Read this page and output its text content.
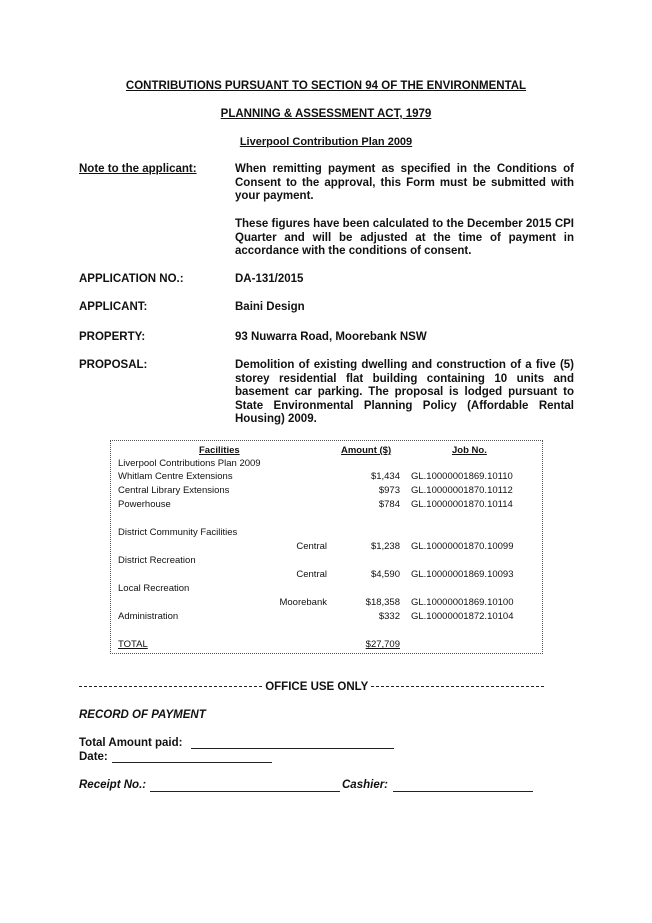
CONTRIBUTIONS PURSUANT TO SECTION 94 OF THE ENVIRONMENTAL
PLANNING & ASSESSMENT ACT, 1979
Liverpool Contribution Plan 2009
Note to the applicant:	When remitting payment as specified in the Conditions of Consent to the approval, this Form must be submitted with your payment.
These figures have been calculated to the December 2015 CPI Quarter and will be adjusted at the time of payment in accordance with the conditions of consent.
APPLICATION NO.:	DA-131/2015
APPLICANT:	Baini Design
PROPERTY:	93 Nuwarra Road, Moorebank NSW
PROPOSAL:	Demolition of existing dwelling and construction of a five (5) storey residential flat building containing 10 units and basement car parking. The proposal is lodged pursuant to State Environmental Planning Policy (Affordable Rental Housing) 2009.
Facilities	Amount ($)	Job No.
Liverpool Contributions Plan 2009
Whitlam Centre Extensions	$1,434 GL.10000001869.10110
Central Library Extensions	$973 GL.10000001870.10112
Powerhouse	$784 GL.10000001870.10114
District Community Facilities
Central	$1,238 GL.10000001870.10099
District Recreation
Central	$4,590 GL.10000001869.10093
Local Recreation
Moorebank	$18,358 GL.10000001869.10100
Administration	$332 GL.10000001872.10104
TOTAL	$27,709
OFFICE USE ONLY
RECORD OF PAYMENT
Total Amount paid:
Date:
Receipt No.:	Cashier:
